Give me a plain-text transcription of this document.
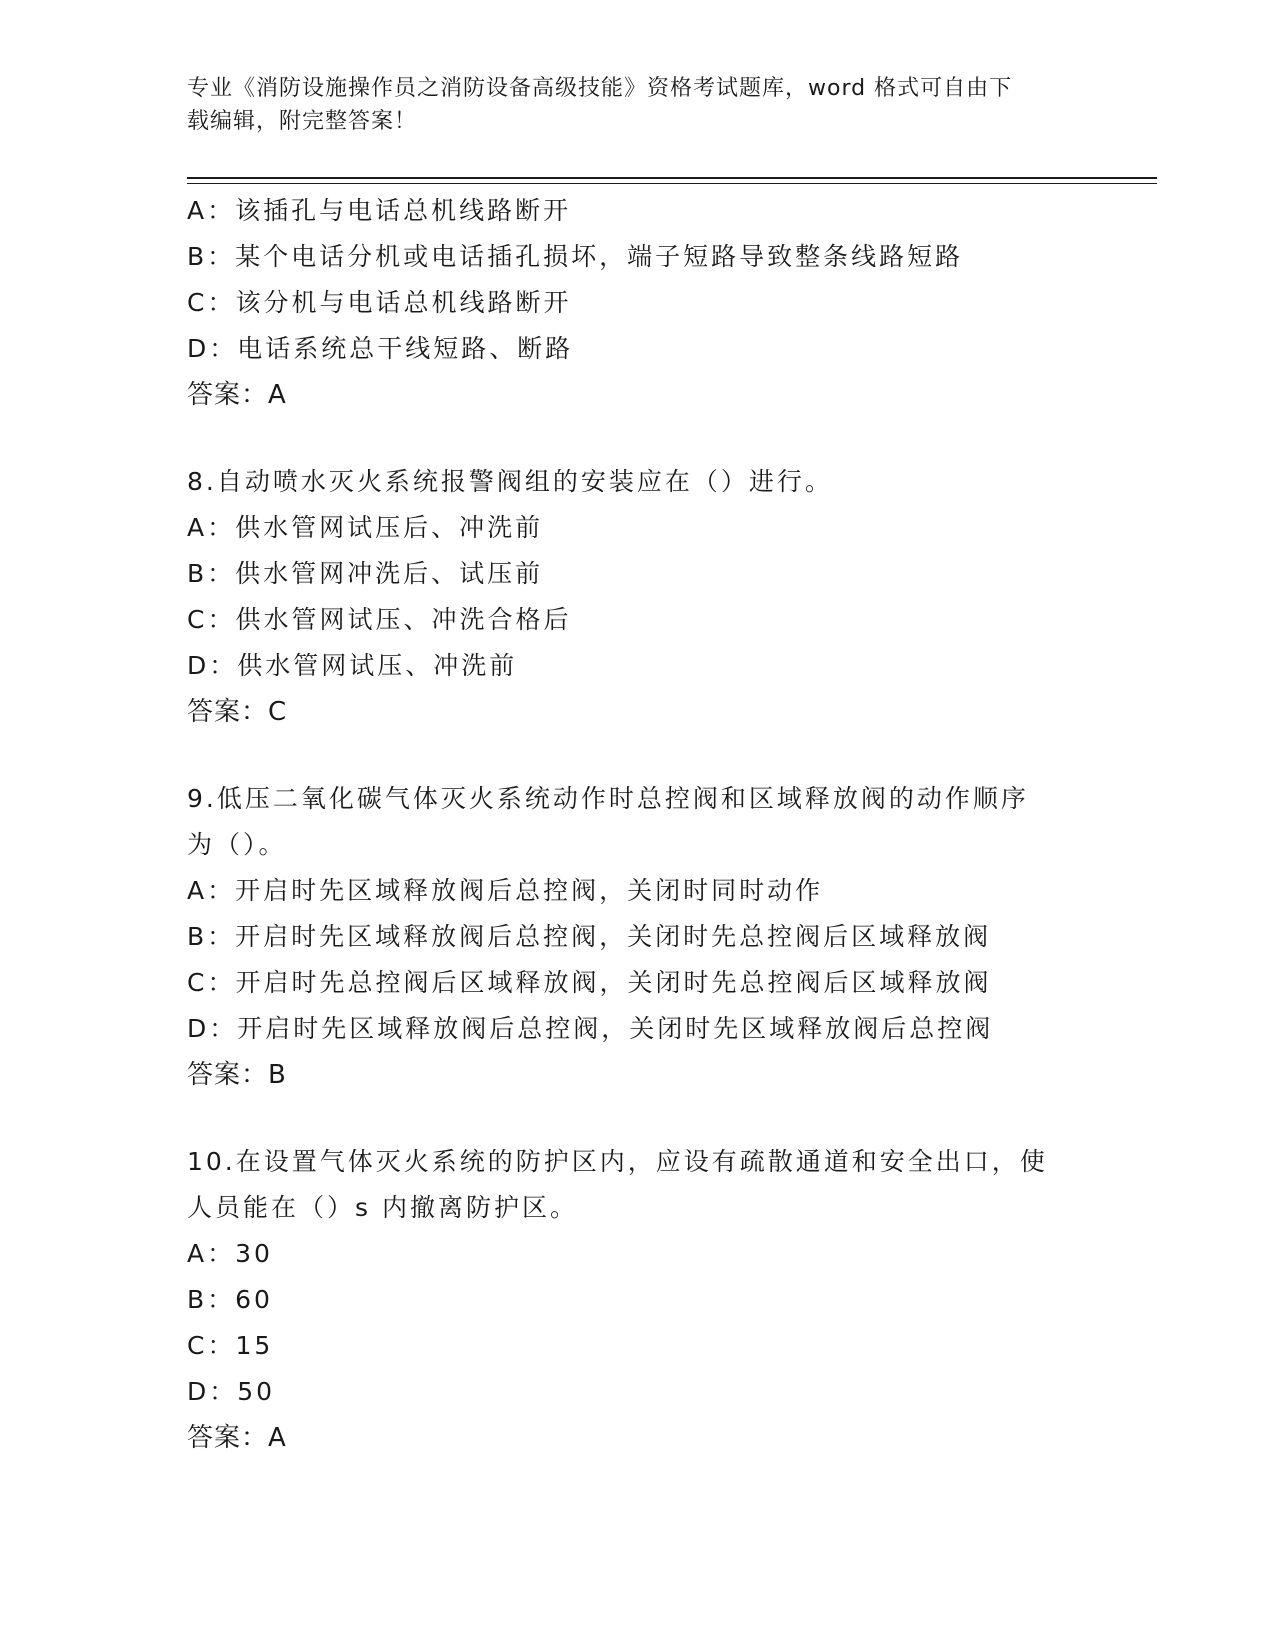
专业《消防设施操作员之消防设备高级技能》资格考试题库，word 格式可自由下
载编辑，附完整答案！
A：该插孔与电话总机线路断开
B：某个电话分机或电话插孔损坏，端子短路导致整条线路短路
C：该分机与电话总机线路断开
D：电话系统总干线短路、断路
答案：A
8.自动喷水灭火系统报警阀组的安装应在（）进行。
A：供水管网试压后、冲洗前
B：供水管网冲洗后、试压前
C：供水管网试压、冲洗合格后
D：供水管网试压、冲洗前
答案：C
9.低压二氧化碳气体灭火系统动作时总控阀和区域释放阀的动作顺序
为（）。
A：开启时先区域释放阀后总控阀，关闭时同时动作
B：开启时先区域释放阀后总控阀，关闭时先总控阀后区域释放阀
C：开启时先总控阀后区域释放阀，关闭时先总控阀后区域释放阀
D：开启时先区域释放阀后总控阀，关闭时先区域释放阀后总控阀
答案：B
10.在设置气体灭火系统的防护区内，应设有疏散通道和安全出口，使
人员能在（）s 内撤离防护区。
A：30
B：60
C：15
D：50
答案：A
